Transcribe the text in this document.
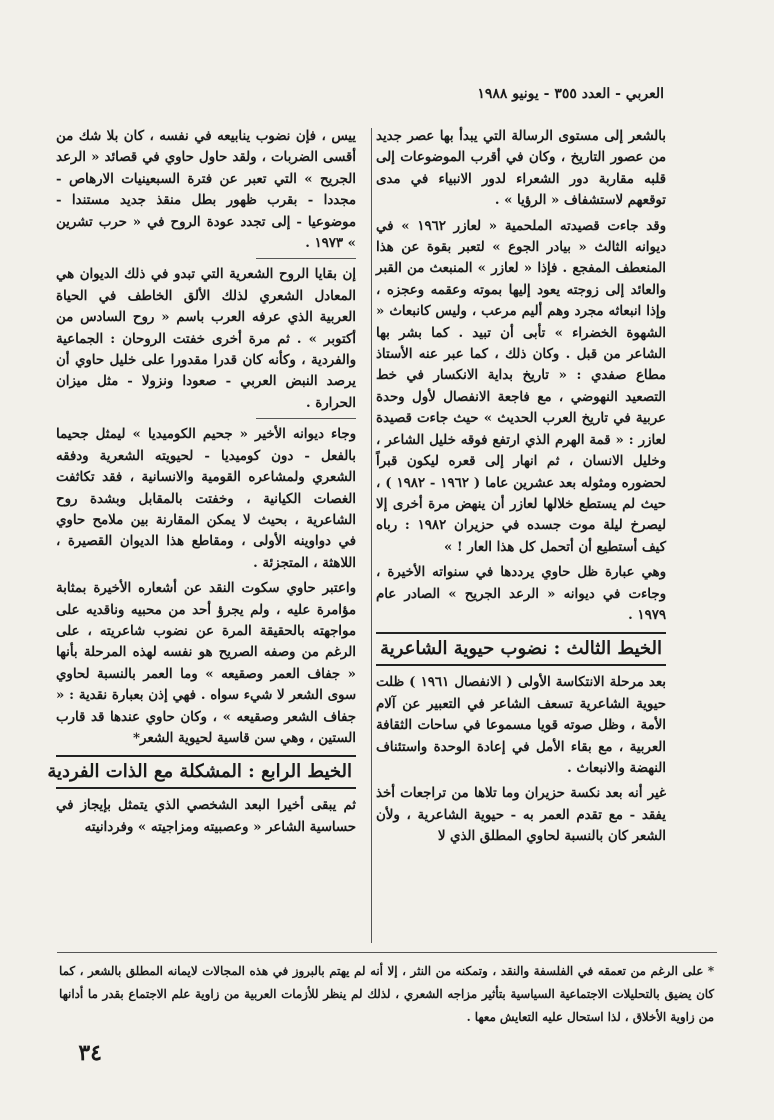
العربي - العدد ٣٥٥ - يونيو ١٩٨٨

بالشعر إلى مستوى الرسالة التي يبدأ بها عصر جديد من عصور التاريخ ، وكان في أقرب الموضوعات إلى قلبه مقاربة دور الشعراء لدور الانبياء في مدى توقعهم لاستشفاف « الرؤيا » .

وقد جاءت قصيدته الملحمية « لعازر ١٩٦٢ » في ديوانه الثالث « بيادر الجوع » لتعبر بقوة عن هذا المنعطف المفجع . فإذا « لعازر » المنبعث من القبر والعائد إلى زوجته يعود إليها بموته وعقمه وعجزه ، وإذا انبعاثه مجرد وهم أليم مرعب ، وليس كانبعاث « الشهوة الخضراء » تأبى أن تبيد . كما بشر بها الشاعر من قبل . وكان ذلك ، كما عبر عنه الأستاذ مطاع صفدي : « تاريخ بداية الانكسار في خط التصعيد النهوضي ، مع فاجعة الانفصال لأول وحدة عربية في تاريخ العرب الحديث » حيث جاءت قصيدة لعازر : « قمة الهرم الذي ارتفع فوقه خليل الشاعر ، وخليل الانسان ، ثم انهار إلى قعره ليكون قبراً لحضوره ومثوله بعد عشرين عاما ( ١٩٦٢ - ١٩٨٢ ) ، حيث لم يستطع خلالها لعازر أن ينهض مرة أخرى إلا ليصرخ ليلة موت جسده في حزيران ١٩٨٢ : رباه كيف أستطيع أن أتحمل كل هذا العار ! »

وهي عبارة ظل حاوي يرددها في سنواته الأخيرة ، وجاءت في ديوانه « الرعد الجريح » الصادر عام ١٩٧٩ .

الخيط الثالث : نضوب حيوية الشاعرية

بعد مرحلة الانتكاسة الأولى ( الانفصال ١٩٦١ ) ظلت حيوية الشاعرية تسعف الشاعر في التعبير عن آلام الأمة ، وظل صوته قويا مسموعا في ساحات الثقافة العربية ، مع بقاء الأمل في إعادة الوحدة واستئناف النهضة والانبعاث .

غير أنه بعد نكسة حزيران وما تلاها من تراجعات أخذ يفقد - مع تقدم العمر به - حيوية الشاعرية ، ولأن الشعر كان بالنسبة لحاوي المطلق الذي لا

ييس ، فإن نضوب ينابيعه في نفسه ، كان بلا شك من أقسى الضربات ، ولقد حاول حاوي في قصائد « الرعد الجريح » التي تعبر عن فترة السبعينيات الارهاص - مجددا - بقرب ظهور بطل منقذ جديد مستندا - موضوعيا - إلى تجدد عودة الروح في « حرب تشرين » ١٩٧٣ .

إن بقايا الروح الشعرية التي تبدو في ذلك الديوان هي المعادل الشعري لذلك الألق الخاطف في الحياة العربية الذي عرفه العرب باسم « روح السادس من أكتوبر » . ثم مرة أخرى خفتت الروحان : الجماعية والفردية ، وكأنه كان قدرا مقدورا على خليل حاوي أن يرصد النبض العربي - صعودا ونزولا - مثل ميزان الحرارة .

وجاء ديوانه الأخير « جحيم الكوميديا » ليمثل جحيما بالفعل - دون كوميديا - لحيويته الشعرية ودفقه الشعري ولمشاعره القومية والانسانية ، فقد تكاثفت الغصات الكيانية ، وخفتت بالمقابل وبشدة روح الشاعرية ، بحيث لا يمكن المقارنة بين ملامح حاوي في دواوينه الأولى ، ومقاطع هذا الديوان القصيرة ، اللاهثة ، المتجزئة .

واعتبر حاوي سكوت النقد عن أشعاره الأخيرة بمثابة مؤامرة عليه ، ولم يجرؤ أحد من محبيه وناقديه على مواجهته بالحقيقة المرة عن نضوب شاعريته ، على الرغم من وصفه الصريح هو نفسه لهذه المرحلة بأنها « جفاف العمر وصقيعه » وما العمر بالنسبة لحاوي سوى الشعر لا شيء سواه . فهي إذن بعبارة نقدية : « جفاف الشعر وصقيعه » ، وكان حاوي عندها قد قارب الستين ، وهي سن قاسية لحيوية الشعر*

الخيط الرابع : المشكلة مع الذات الفردية

ثم يبقى أخيرا البعد الشخصي الذي يتمثل بإيجاز في حساسية الشاعر « وعصبيته ومزاجيته » وفردانيته

* على الرغم من تعمقه في الفلسفة والنقد ، وتمكنه من النثر ، إلا أنه لم يهتم بالبروز في هذه المجالات لايمانه المطلق بالشعر ، كما كان يضيق بالتحليلات الاجتماعية السياسية بتأثير مزاجه الشعري ، لذلك لم ينظر للأزمات العربية من زاوية علم الاجتماع بقدر ما أدانها من زاوية الأخلاق ، لذا استحال عليه التعايش معها .
٣٤
